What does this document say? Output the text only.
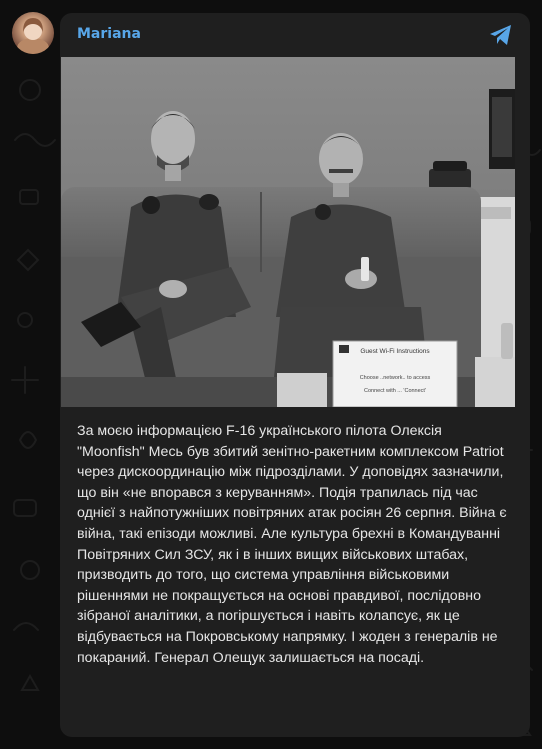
Mariana
Guest Wi-Fi Instructions
Choose ..network.. to access
Connect with ... 'Connect'

За моєю інформацією F-16 українського пілота Олексія "Moonfish" Месь був збитий зенітно-ракетним комплексом Patriot через дискоординацію між підрозділами. У доповідях зазначили, що він «не впорався з керуванням». Подія трапилась під час однієї з найпотужніших повітряних атак росіян 26 серпня. Війна є війна, такі епізоди можливі. Але культура брехні в Командуванні Повітряних Сил ЗСУ, як і в інших вищих військових штабах, призводить до того, що система управління військовими рішеннями не покращується на основі правдивої, послідовно зібраної аналітики, а погіршується і навіть колапсує, як це відбувається на Покровському напрямку. І жоден з генералів не покараний. Генерал Олещук залишається на посаді.
